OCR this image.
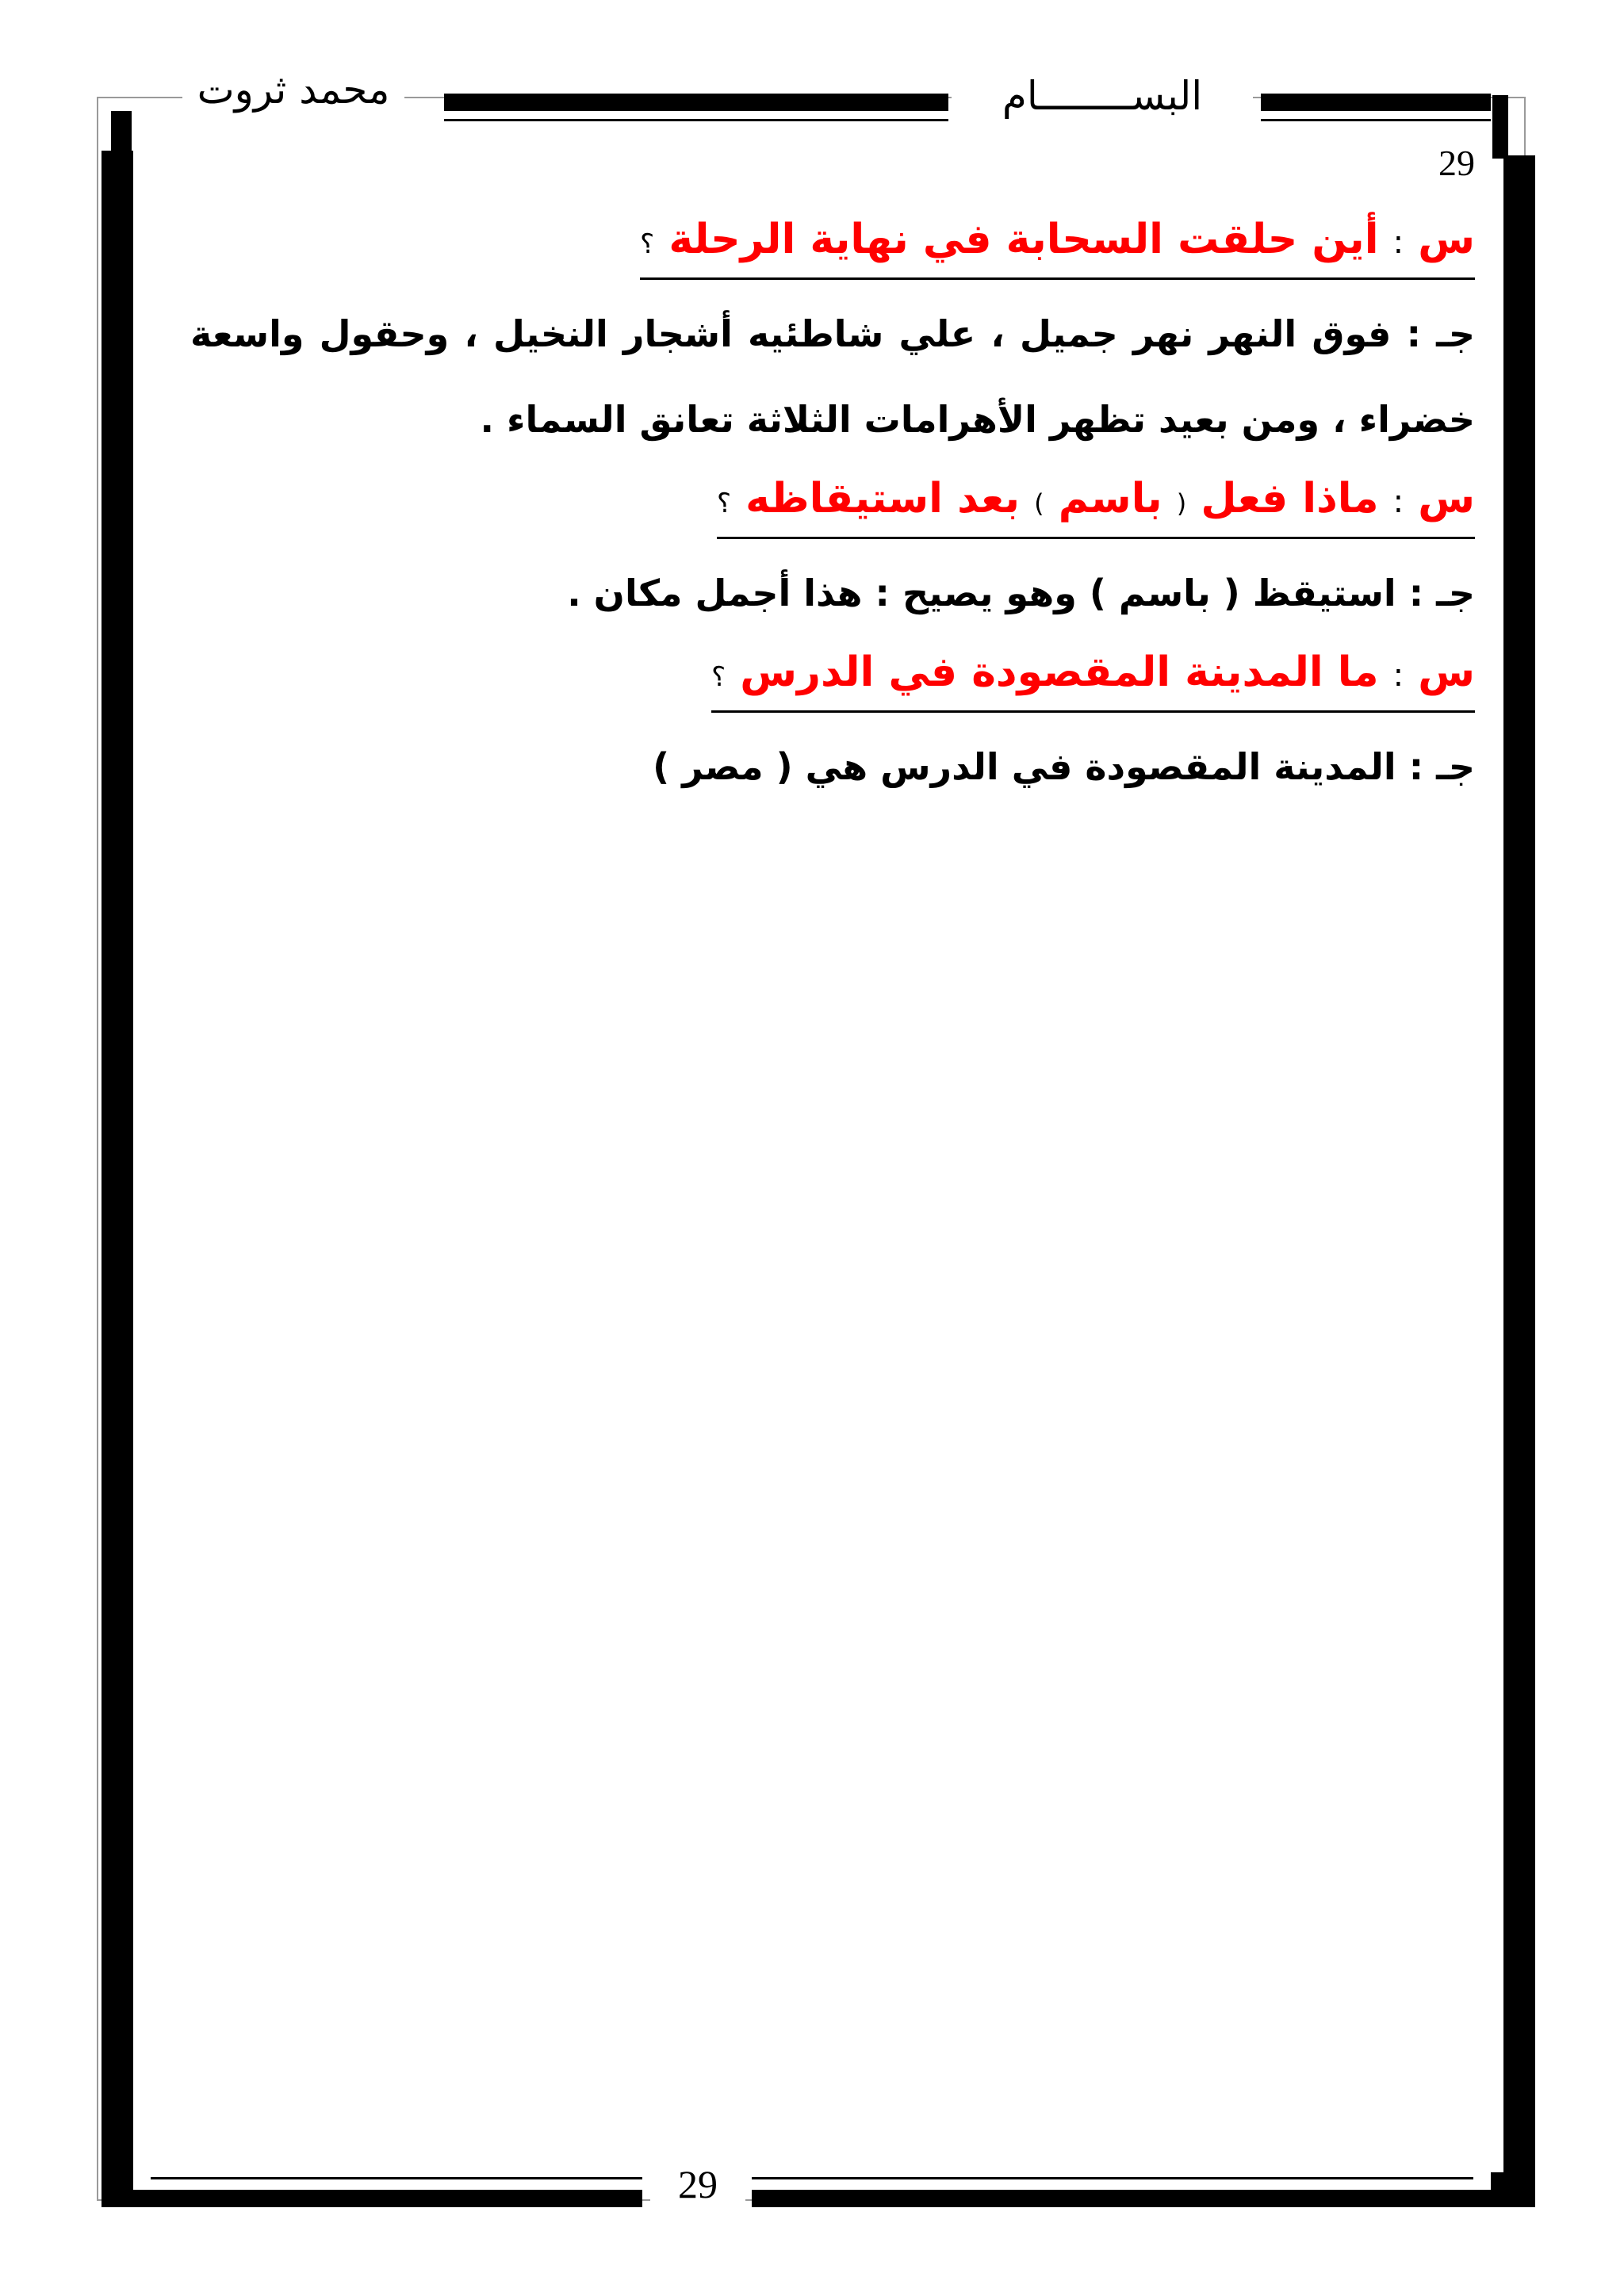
البســــــــام
محمد ثروت
29
س : أين حلقت السحابة في نهاية الرحلة ؟

جـ : فوق النهر نهر جميل ، علي شاطئيه أشجار النخيل ، وحقول واسعة خضراء ، ومن بعيد تظهر الأهرامات الثلاثة تعانق السماء .

س : ماذا فعل ( باسم ) بعد استيقاظه ؟

جـ : استيقظ ( باسم ) وهو يصيح : هذا أجمل مكان .

س : ما المدينة المقصودة في الدرس ؟

جـ : المدينة المقصودة في الدرس هي ( مصر )

29
